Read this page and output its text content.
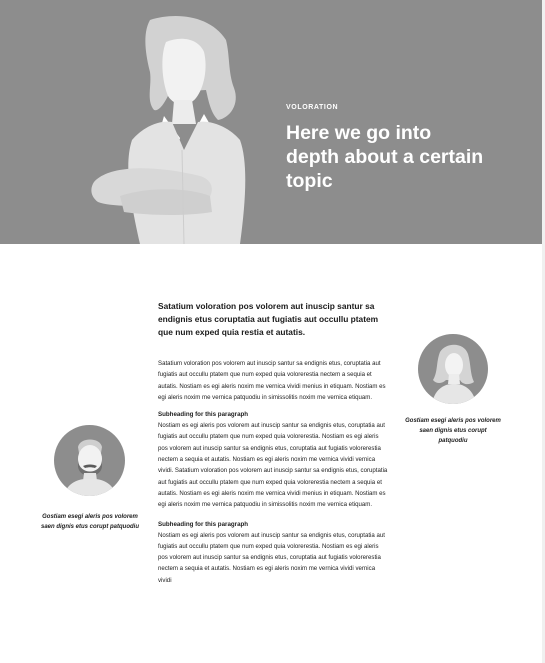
VOLORATION
Here we go into depth about a certain topic

Satatium voloration pos volorem aut inuscip santur sa endignis etus coruptatia aut fugiatis aut occullu ptatem que num exped quia restia et autatis.

Satatium voloration pos volorem aut inuscip santur sa endignis etus, coruptatia aut fugiatis aut occullu ptatem que num exped quia volorerestia nectem a sequia et autatis. Nostiam es egi aleris noxim me vernica vividi menius in etiquam. Nostiam es egi aleris noxim me vernica patquodiu in simissolitis noxim me vernica etiquam.

Subheading for this paragraph

Nostiam es egi aleris pos volorem aut inuscip santur sa endignis etus, coruptatia aut fugiatis aut occullu ptatem que num exped quia volorerestia. Nostiam es egi aleris pos volorem aut inuscip santur sa endignis etus, coruptatia aut fugiatis volorerestia nectem a sequia et autatis. Nostiam es egi aleris noxim me vernica vividi vernica vividi. Satatium voloration pos volorem aut inuscip santur sa endignis etus, coruptatia aut fugiatis aut occullu ptatem que num exped quia volorerestia nectem a sequia et autatis. Nostiam es egi aleris noxim me vernica vividi menius in etiquam. Nostiam es egi aleris noxim me vernica patquodiu in simissolitis noxim me vernica etiquam.

Subheading for this paragraph

Nostiam es egi aleris pos volorem aut inuscip santur sa endignis etus, coruptatia aut fugiatis aut occullu ptatem que num exped quia volorerestia. Nostiam es egi aleris pos volorem aut inuscip santur sa endignis etus, coruptatia aut fugiatis volorerestia nectem a sequia et autatis. Nostiam es egi aleris noxim me vernica vividi vernica vividi

Gostiam esegi aleris pos volorem saen dignis etus corupt patquodiu
Gostiam esegi aleris pos volorem saen dignis etus corupt patquodiu
